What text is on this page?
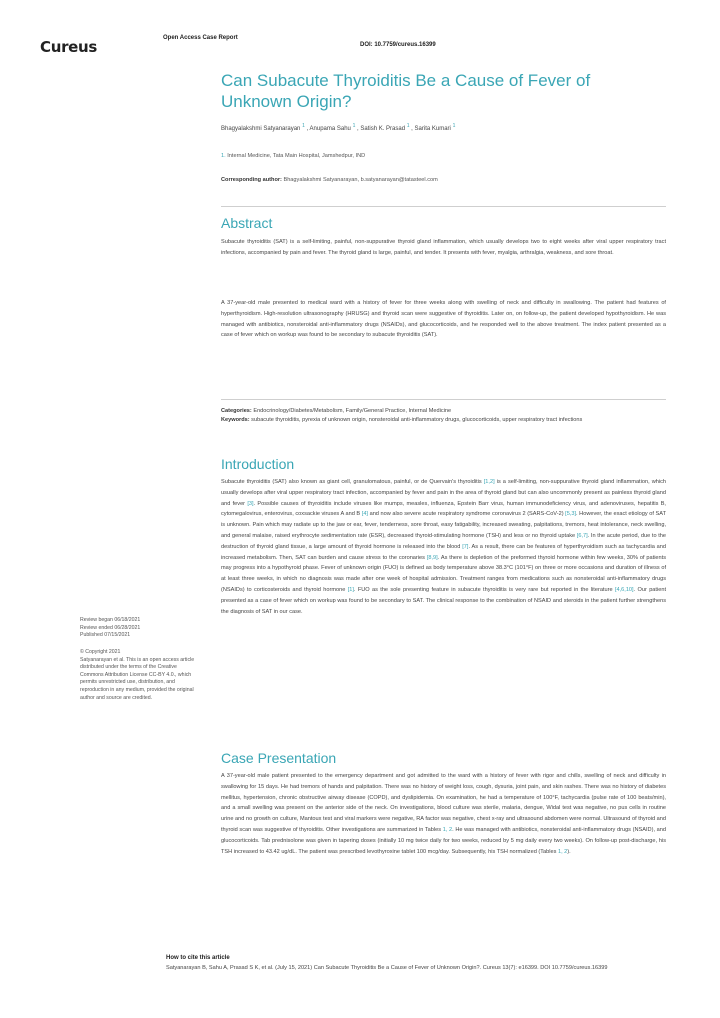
Cureus	Open Access Case Report
DOI: 10.7759/cureus.16399
Can Subacute Thyroiditis Be a Cause of Fever of Unknown Origin?
Bhagyalakshmi Satyanarayan $^1$ , Anupama Sahu $^1$ , Satish K. Prasad $^1$ , Sarita Kumari $^1$
1. Internal Medicine, Tata Main Hospital, Jamshedpur, IND
Corresponding author: Bhagyalakshmi Satyanarayan, b.satyanarayan@tatasteel.com
Abstract

Subacute thyroiditis (SAT) is a self-limiting, painful, non-suppurative thyroid gland inflammation, which usually develops two to eight weeks after viral upper respiratory tract infections, accompanied by pain and fever. The thyroid gland is large, painful, and tender. It presents with fever, myalgia, arthralgia, weakness, and sore throat.

A 37-year-old male presented to medical ward with a history of fever for three weeks along with swelling of neck and difficulty in swallowing. The patient had features of hyperthyroidism. High-resolution ultrasonography (HRUSG) and thyroid scan were suggestive of thyroiditis. Later on, on follow-up, the patient developed hypothyroidism. He was managed with antibiotics, nonsteroidal anti-inflammatory drugs (NSAIDs), and glucocorticoids, and he responded well to the above treatment. The index patient presented as a case of fever which on workup was found to be secondary to subacute thyroiditis (SAT).

Categories: Endocrinology/Diabetes/Metabolism, Family/General Practice, Internal Medicine
Keywords: subacute thyroiditis, pyrexia of unknown origin, nonsteroidal anti-inflammatory drugs, glucocorticoids, upper respiratory tract infections
Introduction

Subacute thyroiditis (SAT) also known as giant cell, granulomatous, painful, or de Quervain's thyroiditis [1,2] is a self-limiting, non-suppurative thyroid gland inflammation, which usually develops after viral upper respiratory tract infection, accompanied by fever and pain in the area of thyroid gland but can also uncommonly present as painless thyroid gland and fever [3]. Possible causes of thyroiditis include viruses like mumps, measles, influenza, Epstein Barr virus, human immunodeficiency virus, and adenoviruses, hepatitis B, cytomegalovirus, enterovirus, coxsackie viruses A and B [4] and now also severe acute respiratory syndrome coronavirus 2 (SARS-CoV-2) [5,3]. However, the exact etiology of SAT is unknown. Pain which may radiate up to the jaw or ear, fever, tenderness, sore throat, easy fatigability, increased sweating, palpitations, tremors, heat intolerance, neck swelling, and general malaise, raised erythrocyte sedimentation rate (ESR), decreased thyroid-stimulating hormone (TSH) and less or no thyroid uptake [6,7]. In the acute period, due to the destruction of thyroid gland tissue, a large amount of thyroid hormone is released into the blood [7]. As a result, there can be features of hyperthyroidism such as tachycardia and increased metabolism. Then, SAT can burden and cause stress to the coronaries [8,9]. As there is depletion of the preformed thyroid hormone within few weeks, 30% of patients may progress into a hypothyroid phase. Fever of unknown origin (FUO) is defined as body temperature above 38.3°C (101°F) on three or more occasions and duration of illness of at least three weeks, in which no diagnosis was made after one week of hospital admission. Treatment ranges from medications such as nonsteroidal anti-inflammatory drugs (NSAIDs) to corticosteroids and thyroid hormone [1]. FUO as the sole presenting feature in subacute thyroiditis is very rare but reported in the literature [4,6,10]. Our patient presented as a case of fever which on workup was found to be secondary to SAT. The clinical response to the combination of NSAID and steroids in the patient further strengthens the diagnosis of SAT in our case.

Review began 06/18/2021
Review ended 06/28/2021
Published 07/15/2021
© Copyright 2021
Satyanarayan et al. This is an open access article distributed under the terms of the Creative Commons Attribution License CC-BY 4.0., which permits unrestricted use, distribution, and reproduction in any medium, provided the original author and source are credited.
Case Presentation

A 37-year-old male patient presented to the emergency department and got admitted to the ward with a history of fever with rigor and chills, swelling of neck and difficulty in swallowing for 15 days. He had tremors of hands and palpitation. There was no history of weight loss, cough, dysuria, joint pain, and skin rashes. There was no history of diabetes mellitus, hypertension, chronic obstructive airway disease (COPD), and dyslipidemia. On examination, he had a temperature of 100°F, tachycardia (pulse rate of 100 beats/min), and a small swelling was present on the anterior side of the neck. On investigations, blood culture was sterile, malaria, dengue, Widal test was negative, no pus cells in routine urine and no growth on culture, Mantoux test and viral markers were negative, RA factor was negative, chest x-ray and ultrasound abdomen were normal. Ultrasound of thyroid and thyroid scan was suggestive of thyroiditis. Other investigations are summarized in Tables 1, 2. He was managed with antibiotics, nonsteroidal anti-inflammatory drugs (NSAID), and glucocorticoids. Tab prednisolone was given in tapering doses (initially 10 mg twice daily for two weeks, reduced by 5 mg daily every two weeks). On follow-up post-discharge, his TSH increased to 43.42 ug/dL. The patient was prescribed levothyroxine tablet 100 mcg/day. Subsequently, his TSH normalized (Tables 1, 2).

How to cite this article
Satyanarayan B, Sahu A, Prasad S K, et al. (July 15, 2021) Can Subacute Thyroiditis Be a Cause of Fever of Unknown Origin?. Cureus 13(7): e16399. DOI 10.7759/cureus.16399
